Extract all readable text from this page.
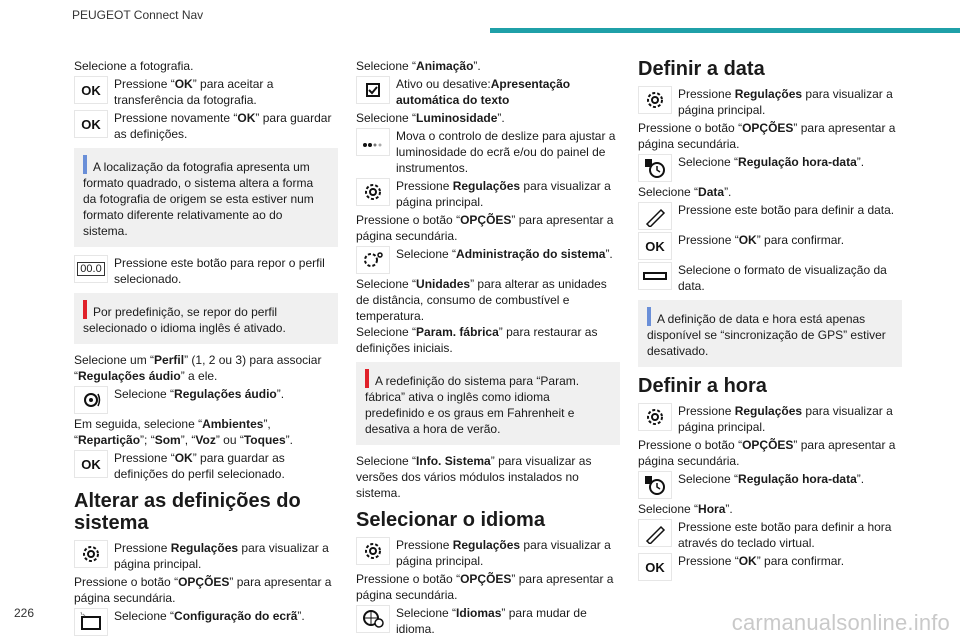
PEUGEOT Connect Nav

Selecione a fotografia.

OK Pressione “OK” para aceitar a transferência da fotografia.
OK Pressione novamente “OK” para guardar as definições.
A localização da fotografia apresenta um formato quadrado, o sistema altera a forma da fotografia de origem se esta estiver num formato diferente relativamente ao do sistema.
00.0 Pressione este botão para repor o perfil selecionado.
Por predefinição, se repor do perfil selecionado o idioma inglês é ativado.

Selecione um “Perfil” (1, 2 ou 3) para associar “Regulações áudio” a ele.

Selecione “Regulações áudio”.

Em seguida, selecione “Ambientes”, “Repartição”; “Som”, “Voz” ou “Toques”.

OK Pressione “OK” para guardar as definições do perfil selecionado.
Alterar as definições do sistema
Pressione Regulações para visualizar a página principal.

Pressione o botão “OPÇÕES” para apresentar a página secundária.

Selecione “Configuração do ecrã”.

Selecione “Animação”.

Ativo ou desative:Apresentação automática do texto

Selecione “Luminosidade”.

Mova o controlo de deslize para ajustar a luminosidade do ecrã e/ou do painel de instrumentos.
Pressione Regulações para visualizar a página principal.

Pressione o botão “OPÇÕES” para apresentar a página secundária.

Selecione “Administração do sistema”.

Selecione “Unidades” para alterar as unidades de distância, consumo de combustível e temperatura.

Selecione “Param. fábrica” para restaurar as definições iniciais.

A redefinição do sistema para “Param. fábrica” ativa o inglês como idioma predefinido e os graus em Fahrenheit e desativa a hora de verão.

Selecione “Info. Sistema” para visualizar as versões dos vários módulos instalados no sistema.

Selecionar o idioma
Pressione Regulações para visualizar a página principal.

Pressione o botão “OPÇÕES” para apresentar a página secundária.

Selecione “Idiomas” para mudar de idioma.
Definir a data
Pressione Regulações para visualizar a página principal.

Pressione o botão “OPÇÕES” para apresentar a página secundária.

Selecione “Regulação hora-data”.

Selecione “Data”.

Pressione este botão para definir a data.
OK Pressione “OK” para confirmar.
Selecione o formato de visualização da data.
A definição de data e hora está apenas disponível se “sincronização de GPS” estiver desativado.
Definir a hora
Pressione Regulações para visualizar a página principal.

Pressione o botão “OPÇÕES” para apresentar a página secundária.

Selecione “Regulação hora-data”.

Selecione “Hora”.

Pressione este botão para definir a hora através do teclado virtual.
OK Pressione “OK” para confirmar.
226	carmanualsonline.info
